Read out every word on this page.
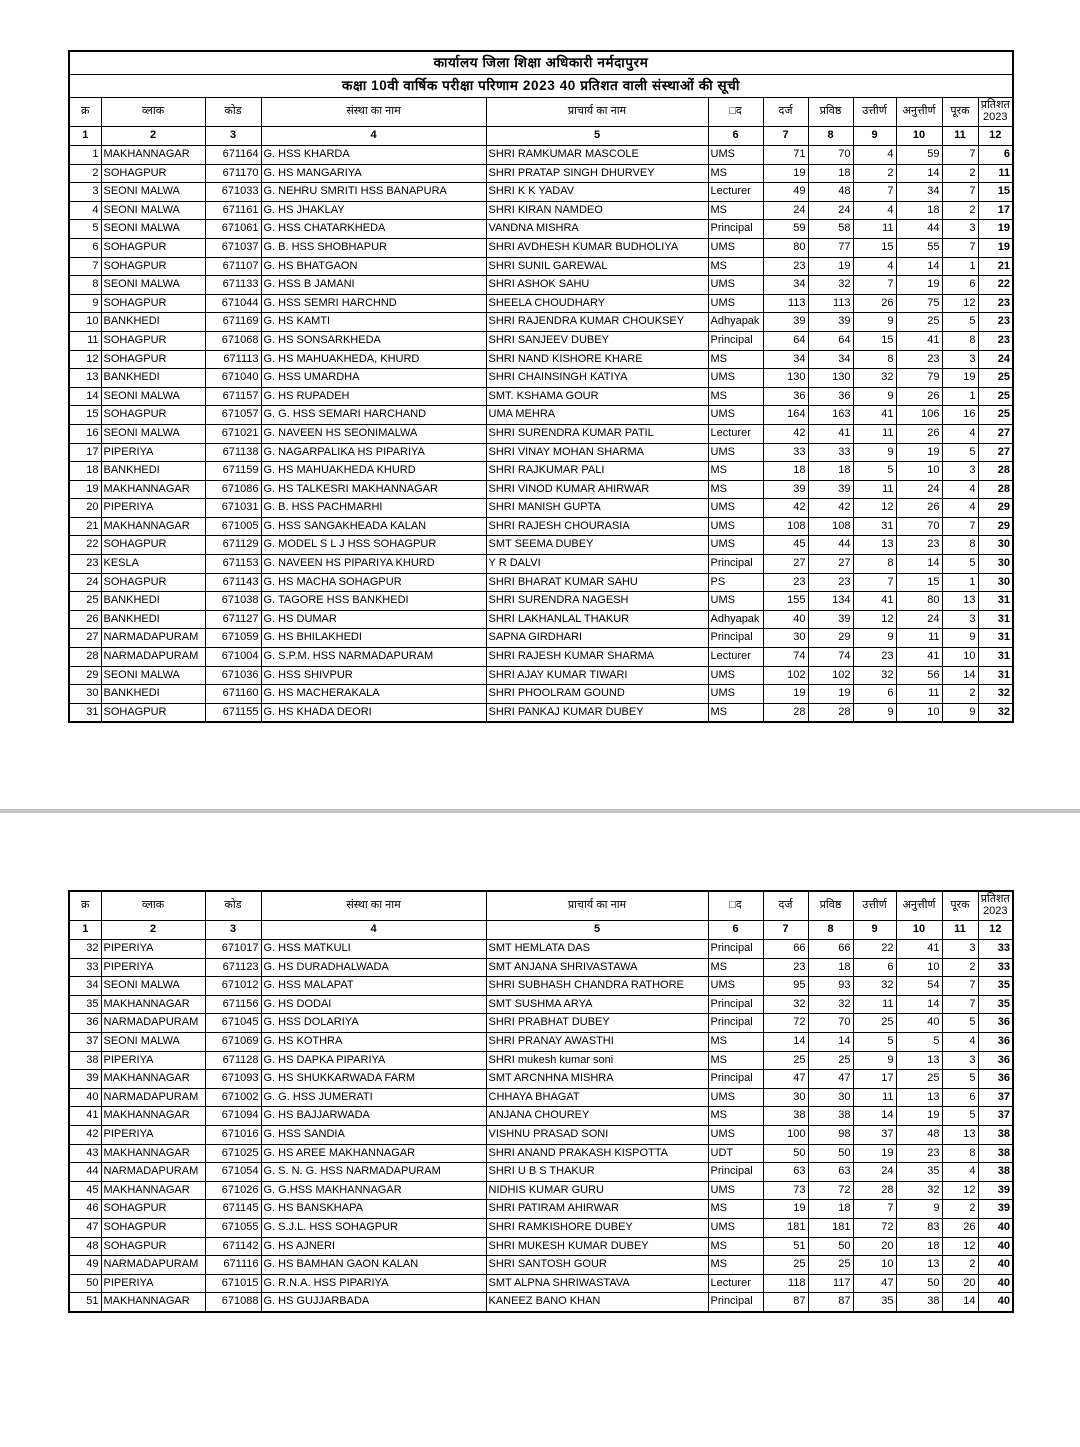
कार्यालय जिला शिक्षा अधिकारी नर्मदापुरम											
कक्षा 10वी वार्षिक परीक्षा परिणाम 2023 40 प्रतिशत वाली संस्थाओं की सूची											
क्र	व्लाक	कोड	संस्था का नाम	प्राचार्य का नाम	□द	दर्ज	प्रविष्ठ	उत्तीर्ण	अनुत्तीर्ण	पूरक	प्रतिशत
2023
1	2	3	4	5	6	7	8	9	10	11	12
1	MAKHANNAGAR	671164	G. HSS KHARDA	SHRI RAMKUMAR MASCOLE	UMS	71	70	4	59	7	6
2	SOHAGPUR	671170	G. HS MANGARIYA	SHRI PRATAP SINGH DHURVEY	MS	19	18	2	14	2	11
3	SEONI MALWA	671033	G. NEHRU SMRITI HSS BANAPURA	SHRI K K YADAV	Lecturer	49	48	7	34	7	15
4	SEONI MALWA	671161	G. HS JHAKLAY	SHRI KIRAN NAMDEO	MS	24	24	4	18	2	17
5	SEONI MALWA	671061	G. HSS CHATARKHEDA	VANDNA MISHRA	Principal	59	58	11	44	3	19
6	SOHAGPUR	671037	G. B. HSS SHOBHAPUR	SHRI AVDHESH KUMAR BUDHOLIYA	UMS	80	77	15	55	7	19
7	SOHAGPUR	671107	G. HS BHATGAON	SHRI SUNIL GAREWAL	MS	23	19	4	14	1	21
8	SEONI MALWA	671133	G. HSS B JAMANI	SHRI ASHOK SAHU	UMS	34	32	7	19	6	22
9	SOHAGPUR	671044	G. HSS SEMRI HARCHND	SHEELA CHOUDHARY	UMS	113	113	26	75	12	23
10	BANKHEDI	671169	G. HS KAMTI	SHRI RAJENDRA KUMAR CHOUKSEY	Adhyapak	39	39	9	25	5	23
11	SOHAGPUR	671068	G. HS SONSARKHEDA	SHRI SANJEEV DUBEY	Principal	64	64	15	41	8	23
12	SOHAGPUR	671113	G. HS MAHUAKHEDA, KHURD	SHRI NAND KISHORE KHARE	MS	34	34	8	23	3	24
13	BANKHEDI	671040	G. HSS UMARDHA	SHRI CHAINSINGH KATIYA	UMS	130	130	32	79	19	25
14	SEONI MALWA	671157	G. HS RUPADEH	SMT. KSHAMA GOUR	MS	36	36	9	26	1	25
15	SOHAGPUR	671057	G. G. HSS SEMARI HARCHAND	UMA MEHRA	UMS	164	163	41	106	16	25
16	SEONI MALWA	671021	G. NAVEEN HS SEONIMALWA	SHRI SURENDRA KUMAR PATIL	Lecturer	42	41	11	26	4	27
17	PIPERIYA	671138	G. NAGARPALIKA HS PIPARIYA	SHRI VINAY MOHAN SHARMA	UMS	33	33	9	19	5	27
18	BANKHEDI	671159	G. HS MAHUAKHEDA KHURD	SHRI RAJKUMAR PALI	MS	18	18	5	10	3	28
19	MAKHANNAGAR	671086	G. HS TALKESRI MAKHANNAGAR	SHRI VINOD KUMAR AHIRWAR	MS	39	39	11	24	4	28
20	PIPERIYA	671031	G. B. HSS PACHMARHI	SHRI MANISH GUPTA	UMS	42	42	12	26	4	29
21	MAKHANNAGAR	671005	G. HSS SANGAKHEADA KALAN	SHRI RAJESH CHOURASIA	UMS	108	108	31	70	7	29
22	SOHAGPUR	671129	G. MODEL S L J HSS SOHAGPUR	SMT SEEMA DUBEY	UMS	45	44	13	23	8	30
23	KESLA	671153	G. NAVEEN HS PIPARIYA KHURD	Y R DALVI	Principal	27	27	8	14	5	30
24	SOHAGPUR	671143	G. HS MACHA SOHAGPUR	SHRI BHARAT KUMAR SAHU	PS	23	23	7	15	1	30
25	BANKHEDI	671038	G. TAGORE HSS BANKHEDI	SHRI SURENDRA NAGESH	UMS	155	134	41	80	13	31
26	BANKHEDI	671127	G. HS DUMAR	SHRI LAKHANLAL THAKUR	Adhyapak	40	39	12	24	3	31
27	NARMADAPURAM	671059	G. HS BHILAKHEDI	SAPNA GIRDHARI	Principal	30	29	9	11	9	31
28	NARMADAPURAM	671004	G. S.P.M. HSS NARMADAPURAM	SHRI RAJESH KUMAR SHARMA	Lecturer	74	74	23	41	10	31
29	SEONI MALWA	671036	G. HSS SHIVPUR	SHRI AJAY KUMAR TIWARI	UMS	102	102	32	56	14	31
30	BANKHEDI	671160	G. HS MACHERAKALA	SHRI PHOOLRAM GOUND	UMS	19	19	6	11	2	32
31	SOHAGPUR	671155	G. HS KHADA DEORI	SHRI PANKAJ KUMAR DUBEY	MS	28	28	9	10	9	32
क्र	व्लाक	कोड	संस्था का नाम	प्राचार्य का नाम	□द	दर्ज	प्रविष्ठ	उत्तीर्ण	अनुत्तीर्ण	पूरक	प्रतिशत
2023
1	2	3	4	5	6	7	8	9	10	11	12
32	PIPERIYA	671017	G. HSS MATKULI	SMT HEMLATA DAS	Principal	66	66	22	41	3	33
33	PIPERIYA	671123	G. HS DURADHALWADA	SMT ANJANA SHRIVASTAWA	MS	23	18	6	10	2	33
34	SEONI MALWA	671012	G. HSS MALAPAT	SHRI SUBHASH CHANDRA RATHORE	UMS	95	93	32	54	7	35
35	MAKHANNAGAR	671156	G. HS DODAI	SMT SUSHMA ARYA	Principal	32	32	11	14	7	35
36	NARMADAPURAM	671045	G. HSS DOLARIYA	SHRI PRABHAT DUBEY	Principal	72	70	25	40	5	36
37	SEONI MALWA	671069	G. HS KOTHRA	SHRI PRANAY AWASTHI	MS	14	14	5	5	4	36
38	PIPERIYA	671128	G. HS DAPKA PIPARIYA	SHRI mukesh kumar soni	MS	25	25	9	13	3	36
39	MAKHANNAGAR	671093	G. HS SHUKKARWADA FARM	SMT ARCNHNA MISHRA	Principal	47	47	17	25	5	36
40	NARMADAPURAM	671002	G. G. HSS JUMERATI	CHHAYA BHAGAT	UMS	30	30	11	13	6	37
41	MAKHANNAGAR	671094	G. HS BAJJARWADA	ANJANA CHOUREY	MS	38	38	14	19	5	37
42	PIPERIYA	671016	G. HSS SANDIA	VISHNU PRASAD SONI	UMS	100	98	37	48	13	38
43	MAKHANNAGAR	671025	G. HS AREE MAKHANNAGAR	SHRI ANAND PRAKASH KISPOTTA	UDT	50	50	19	23	8	38
44	NARMADAPURAM	671054	G. S. N. G. HSS NARMADAPURAM	SHRI U B S THAKUR	Principal	63	63	24	35	4	38
45	MAKHANNAGAR	671026	G. G.HSS MAKHANNAGAR	NIDHIS KUMAR GURU	UMS	73	72	28	32	12	39
46	SOHAGPUR	671145	G. HS BANSKHAPA	SHRI PATIRAM AHIRWAR	MS	19	18	7	9	2	39
47	SOHAGPUR	671055	G. S.J.L. HSS SOHAGPUR	SHRI RAMKISHORE DUBEY	UMS	181	181	72	83	26	40
48	SOHAGPUR	671142	G. HS AJNERI	SHRI MUKESH KUMAR DUBEY	MS	51	50	20	18	12	40
49	NARMADAPURAM	671116	G. HS BAMHAN GAON KALAN	SHRI SANTOSH GOUR	MS	25	25	10	13	2	40
50	PIPERIYA	671015	G. R.N.A. HSS PIPARIYA	SMT ALPNA SHRIWASTAVA	Lecturer	118	117	47	50	20	40
51	MAKHANNAGAR	671088	G. HS GUJJARBADA	KANEEZ BANO KHAN	Principal	87	87	35	38	14	40
